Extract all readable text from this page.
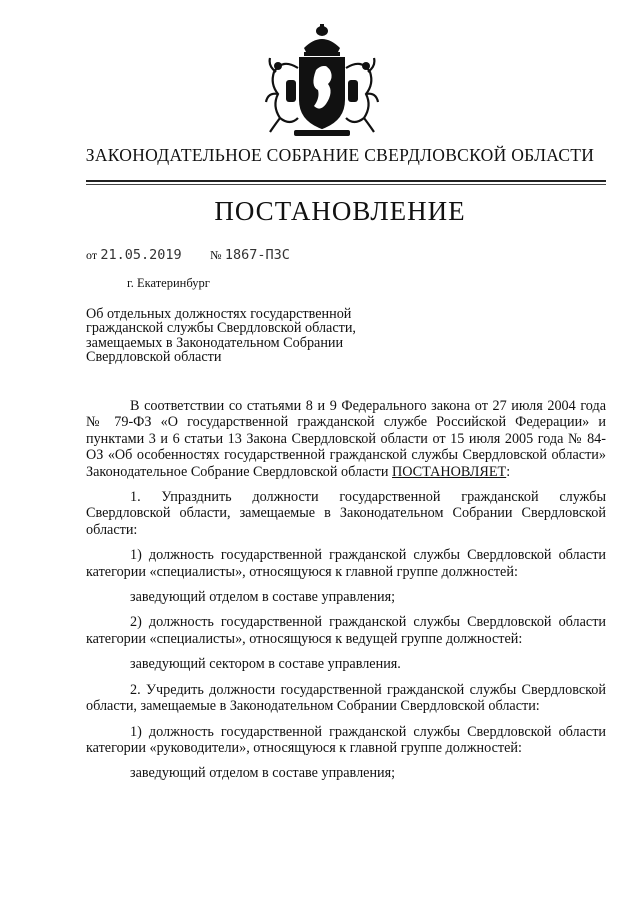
ЗАКОНОДАТЕЛЬНОЕ СОБРАНИЕ СВЕРДЛОВСКОЙ ОБЛАСТИ
ПОСТАНОВЛЕНИЕ
от 21.05.2019 № 1867-ПЗС
г. Екатеринбург
Об отдельных должностях государственной гражданской службы Свердловской области, замещаемых в Законодательном Собрании Свердловской области

В соответствии со статьями 8 и 9 Федерального закона от 27 июля 2004 года № 79-ФЗ «О государственной гражданской службе Российской Федерации» и пунктами 3 и 6 статьи 13 Закона Свердловской области от 15 июля 2005 года № 84-ОЗ «Об особенностях государственной гражданской службы Свердловской области» Законодательное Собрание Свердловской области ПОСТАНОВЛЯЕТ:

1. Упразднить должности государственной гражданской службы Свердловской области, замещаемые в Законодательном Собрании Свердловской области:

1) должность государственной гражданской службы Свердловской области категории «специалисты», относящуюся к главной группе должностей:

заведующий отделом в составе управления;

2) должность государственной гражданской службы Свердловской области категории «специалисты», относящуюся к ведущей группе должностей:

заведующий сектором в составе управления.

2. Учредить должности государственной гражданской службы Свердловской области, замещаемые в Законодательном Собрании Свердловской области:

1) должность государственной гражданской службы Свердловской области категории «руководители», относящуюся к главной группе должностей:

заведующий отделом в составе управления;
